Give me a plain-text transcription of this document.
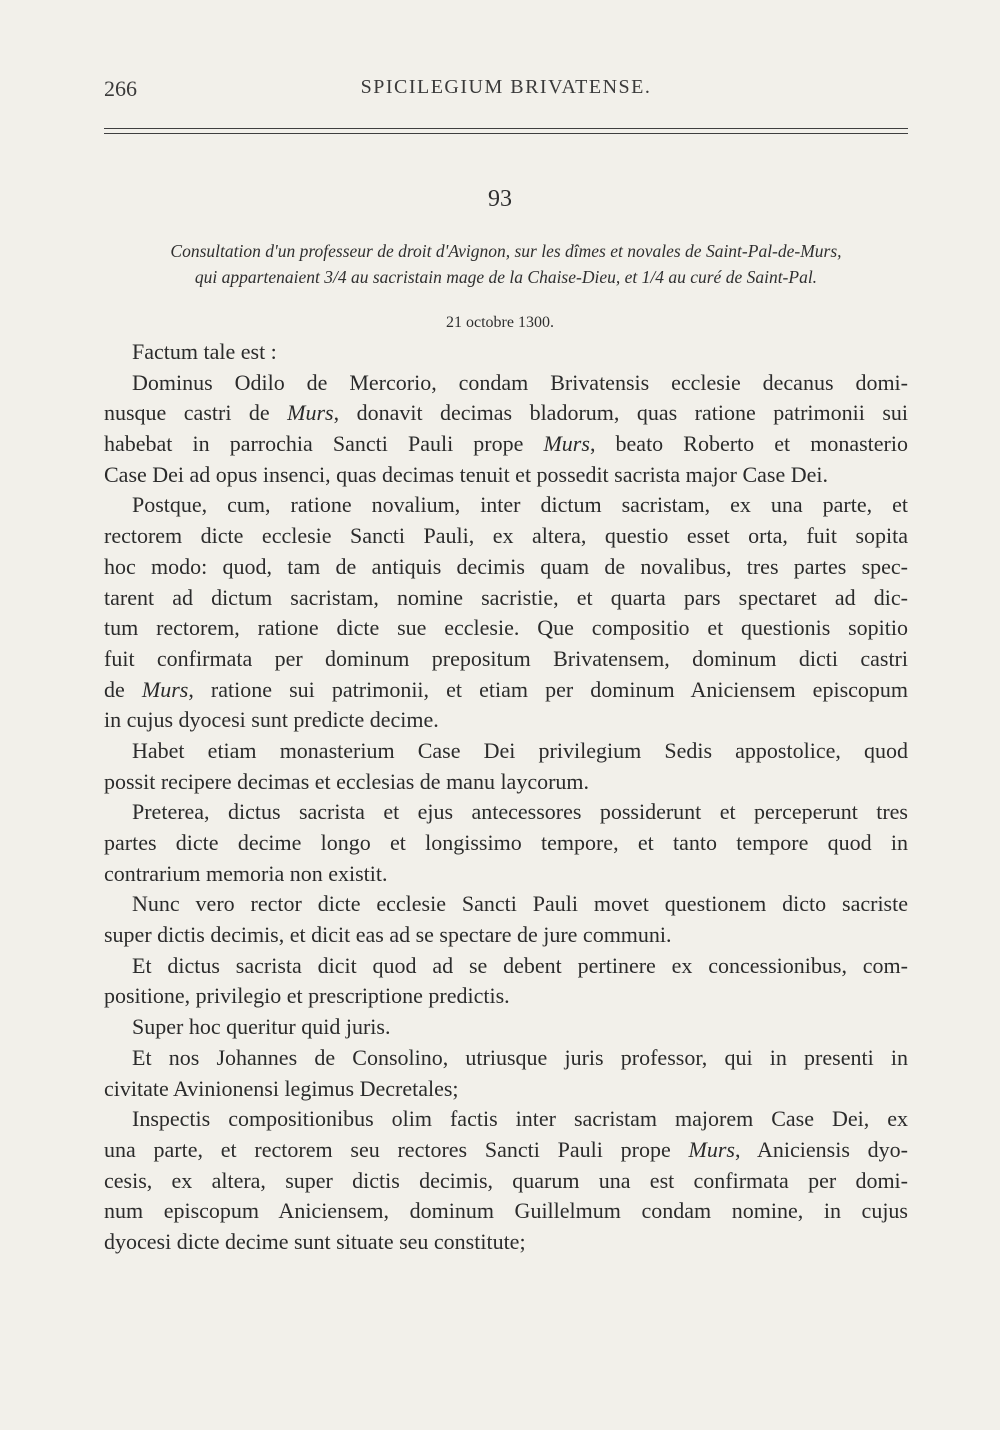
266	SPICILEGIUM BRIVATENSE.
93
Consultation d'un professeur de droit d'Avignon, sur les dîmes et novales de Saint-Pal-de-Murs,
qui appartenaient 3/4 au sacristain mage de la Chaise-Dieu, et 1/4 au curé de Saint-Pal.
21 octobre 1300.
Factum tale est :
Dominus Odilo de Mercorio, condam Brivatensis ecclesie decanus domi-
nusque castri de Murs, donavit decimas bladorum, quas ratione patrimonii sui
habebat in parrochia Sancti Pauli prope Murs, beato Roberto et monasterio
Case Dei ad opus insenci, quas decimas tenuit et possedit sacrista major Case Dei.
Postque, cum, ratione novalium, inter dictum sacristam, ex una parte, et
rectorem dicte ecclesie Sancti Pauli, ex altera, questio esset orta, fuit sopita
hoc modo: quod, tam de antiquis decimis quam de novalibus, tres partes spec-
tarent ad dictum sacristam, nomine sacristie, et quarta pars spectaret ad dic-
tum rectorem, ratione dicte sue ecclesie. Que compositio et questionis sopitio
fuit confirmata per dominum prepositum Brivatensem, dominum dicti castri
de Murs, ratione sui patrimonii, et etiam per dominum Aniciensem episcopum
in cujus dyocesi sunt predicte decime.
Habet etiam monasterium Case Dei privilegium Sedis appostolice, quod
possit recipere decimas et ecclesias de manu laycorum.
Preterea, dictus sacrista et ejus antecessores possiderunt et perceperunt tres
partes dicte decime longo et longissimo tempore, et tanto tempore quod in
contrarium memoria non existit.
Nunc vero rector dicte ecclesie Sancti Pauli movet questionem dicto sacriste
super dictis decimis, et dicit eas ad se spectare de jure communi.
Et dictus sacrista dicit quod ad se debent pertinere ex concessionibus, com-
positione, privilegio et prescriptione predictis.
Super hoc queritur quid juris.
Et nos Johannes de Consolino, utriusque juris professor, qui in presenti in
civitate Avinionensi legimus Decretales;
Inspectis compositionibus olim factis inter sacristam majorem Case Dei, ex
una parte, et rectorem seu rectores Sancti Pauli prope Murs, Aniciensis dyo-
cesis, ex altera, super dictis decimis, quarum una est confirmata per domi-
num episcopum Aniciensem, dominum Guillelmum condam nomine, in cujus
dyocesi dicte decime sunt situate seu constitute;
